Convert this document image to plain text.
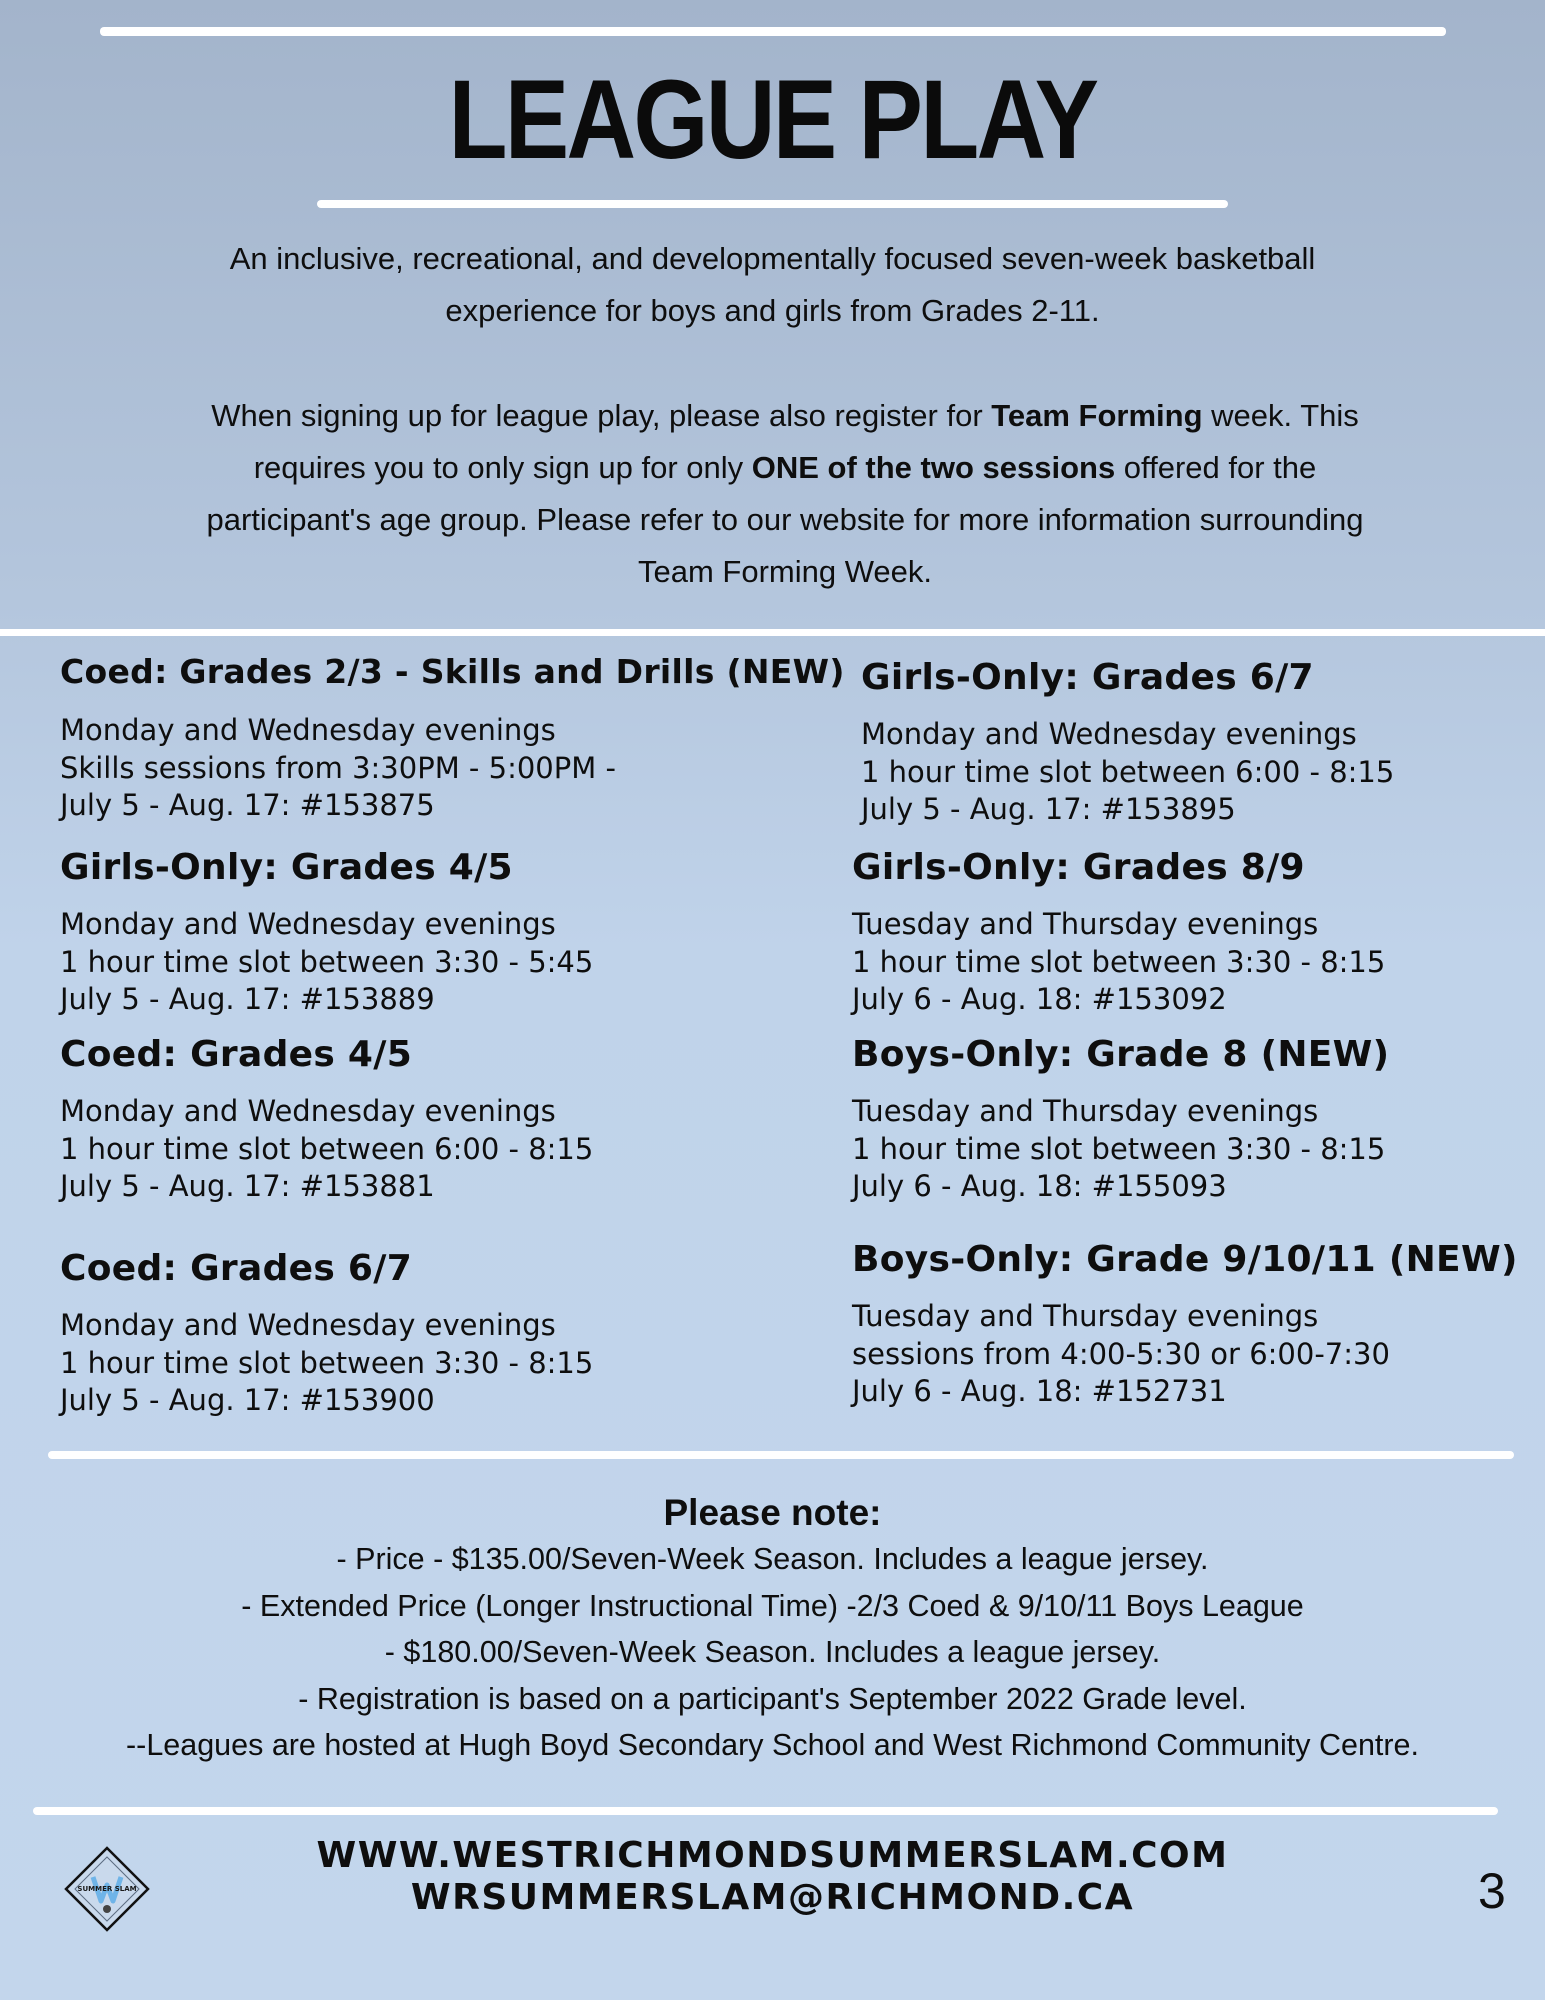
LEAGUE PLAY
An inclusive, recreational, and developmentally focused seven-week basketball
experience for boys and girls from Grades 2-11.
When signing up for league play, please also register for Team Forming week. This
requires you to only sign up for only ONE of the two sessions offered for the
participant's age group. Please refer to our website for more information surrounding
Team Forming Week.
Coed: Grades 2/3 - Skills and Drills (NEW)
Monday and Wednesday evenings
Skills sessions from 3:30PM - 5:00PM -
July 5 - Aug. 17: #153875
Girls-Only: Grades 6/7
Monday and Wednesday evenings
1 hour time slot between 6:00 - 8:15
July 5 - Aug. 17: #153895
Girls-Only: Grades 4/5
Monday and Wednesday evenings
1 hour time slot between 3:30 - 5:45
July 5 - Aug. 17: #153889
Girls-Only: Grades 8/9
Tuesday and Thursday evenings
1 hour time slot between 3:30 - 8:15
July 6 - Aug. 18: #153092
Coed: Grades 4/5
Monday and Wednesday evenings
1 hour time slot between 6:00 - 8:15
July 5 - Aug. 17: #153881
Boys-Only: Grade 8 (NEW)
Tuesday and Thursday evenings
1 hour time slot between 3:30 - 8:15
July 6 - Aug. 18: #155093
Coed: Grades 6/7
Monday and Wednesday evenings
1 hour time slot between 3:30 - 8:15
July 5 - Aug. 17: #153900
Boys-Only: Grade 9/10/11 (NEW)
Tuesday and Thursday evenings
sessions from 4:00-5:30 or 6:00-7:30
July 6 - Aug. 18: #152731
Please note:
- Price - $135.00/Seven-Week Season. Includes a league jersey.
- Extended Price (Longer Instructional Time) -2/3 Coed & 9/10/11 Boys League
- $180.00/Seven-Week Season. Includes a league jersey.
- Registration is based on a participant's September 2022 Grade level.
--Leagues are hosted at Hugh Boyd Secondary School and West Richmond Community Centre.
SUMMER SLAM
WWW.WESTRICHMONDSUMMERSLAM.COM
WRSUMMERSLAM@RICHMOND.CA	3
